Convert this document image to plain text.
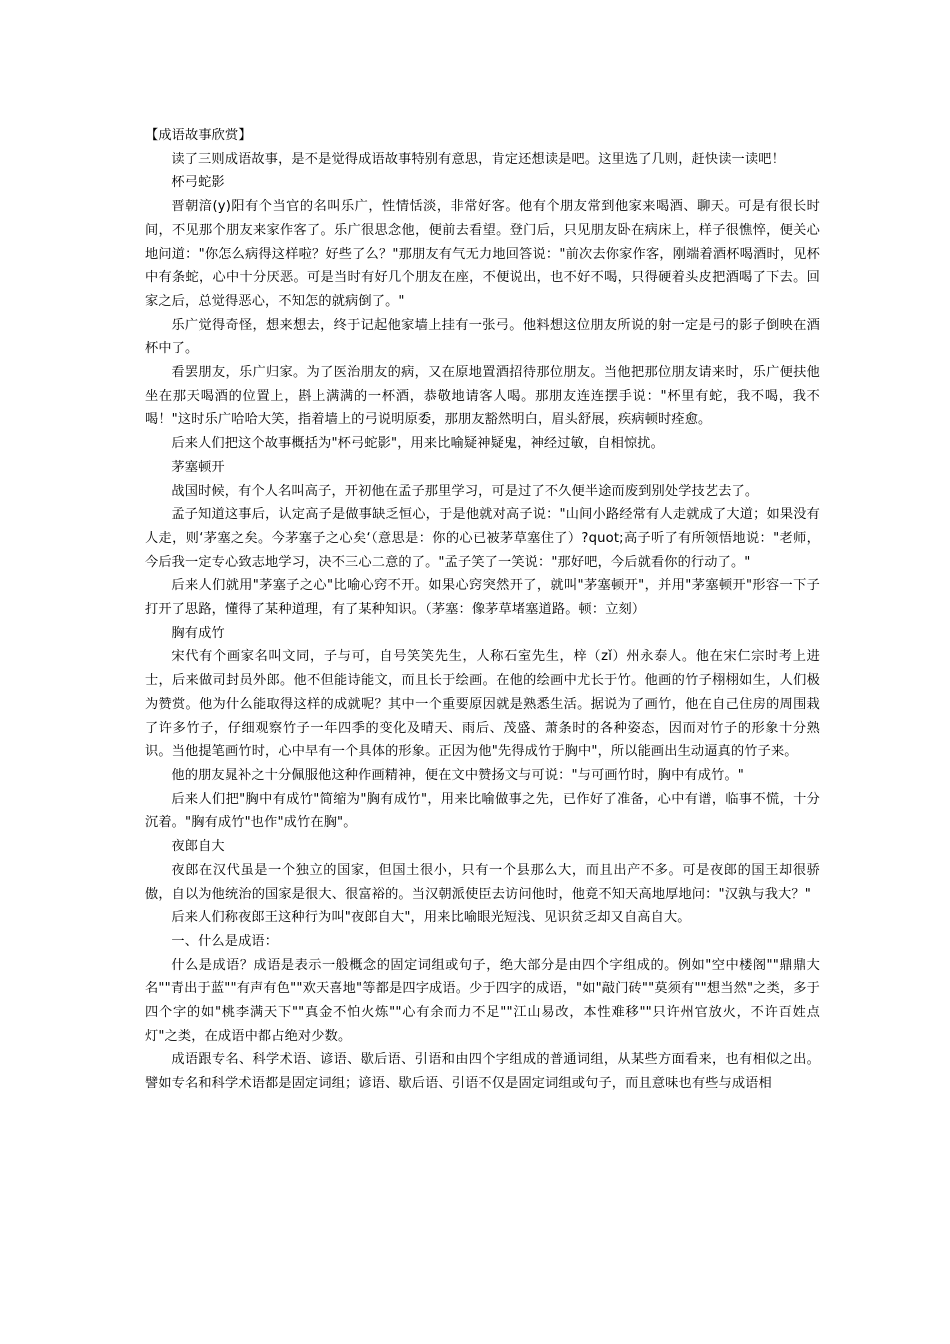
【成语故事欣赏】
读了三则成语故事，是不是觉得成语故事特别有意思，肯定还想读是吧。这里选了几则，赶快读一读吧！
杯弓蛇影
晋朝湆(y)阳有个当官的名叫乐广，性情恬淡，非常好客。他有个朋友常到他家来喝酒、聊天。可是有很长时间，不见那个朋友来家作客了。乐广很思念他，便前去看望。登门后，只见朋友卧在病床上，样子很憔悴，便关心地问道："你怎么病得这样啦？好些了么？"那朋友有气无力地回答说："前次去你家作客，刚端着酒杯喝酒时，见杯中有条蛇，心中十分厌恶。可是当时有好几个朋友在座，不便说出，也不好不喝，只得硬着头皮把酒喝了下去。回家之后，总觉得恶心，不知怎的就病倒了。"
乐广觉得奇怪，想来想去，终于记起他家墙上挂有一张弓。他料想这位朋友所说的射一定是弓的影子倒映在酒杯中了。
看罢朋友，乐广归家。为了医治朋友的病，又在原地置酒招待那位朋友。当他把那位朋友请来时，乐广便扶他坐在那天喝酒的位置上，斟上满满的一杯酒，恭敬地请客人喝。那朋友连连摆手说："杯里有蛇，我不喝，我不喝！"这时乐广哈哈大笑，指着墙上的弓说明原委，那朋友豁然明白，眉头舒展，疾病顿时痊愈。
后来人们把这个故事概括为"杯弓蛇影"，用来比喻疑神疑鬼，神经过敏，自相惊扰。
茅塞顿开
战国时候，有个人名叫高子，开初他在孟子那里学习，可是过了不久便半途而废到别处学技艺去了。
孟子知道这事后，认定高子是做事缺乏恒心，于是他就对高子说："山间小路经常有人走就成了大道；如果没有人走，则‘茅塞之矣。今茅塞子之心矣‘（意思是：你的心已被茅草塞住了）?quot;高子听了有所领悟地说："老师，今后我一定专心致志地学习，决不三心二意的了。"孟子笑了一笑说："那好吧，今后就看你的行动了。"
后来人们就用"茅塞子之心"比喻心窍不开。如果心窍突然开了，就叫"茅塞顿开"，并用"茅塞顿开"形容一下子打开了思路，懂得了某种道理，有了某种知识。（茅塞：像茅草堵塞道路。顿：立刻）
胸有成竹
宋代有个画家名叫文同，子与可，自号笑笑先生，人称石室先生，梓（zǐ）州永泰人。他在宋仁宗时考上进士，后来做司封员外郎。他不但能诗能文，而且长于绘画。在他的绘画中尤长于竹。他画的竹子栩栩如生，人们极为赞赏。他为什么能取得这样的成就呢？其中一个重要原因就是熟悉生活。据说为了画竹，他在自己住房的周围栽了许多竹子，仔细观察竹子一年四季的变化及晴天、雨后、茂盛、萧条时的各种姿态，因而对竹子的形象十分熟识。当他提笔画竹时，心中早有一个具体的形象。正因为他"先得成竹于胸中"，所以能画出生动逼真的竹子来。
他的朋友晁补之十分佩服他这种作画精神，便在文中赞扬文与可说："与可画竹时，胸中有成竹。"
后来人们把"胸中有成竹"简缩为"胸有成竹"，用来比喻做事之先，已作好了准备，心中有谱，临事不慌，十分沉着。"胸有成竹"也作"成竹在胸"。
夜郎自大
夜郎在汉代虽是一个独立的国家，但国土很小，只有一个县那么大，而且出产不多。可是夜郎的国王却很骄傲，自以为他统治的国家是很大、很富裕的。当汉朝派使臣去访问他时，他竟不知天高地厚地问："汉孰与我大？"
后来人们称夜郎王这种行为叫"夜郎自大"，用来比喻眼光短浅、见识贫乏却又自高自大。
一、什么是成语：
什么是成语？成语是表示一般概念的固定词组或句子，绝大部分是由四个字组成的。例如"空中楼阁""鼎鼎大名""青出于蓝""有声有色""欢天喜地"等都是四字成语。少于四字的成语，"如"敲门砖""莫须有""想当然"之类，多于四个字的如"桃李满天下""真金不怕火炼""心有余而力不足""江山易改，本性难移""只许州官放火，不许百姓点灯"之类，在成语中都占绝对少数。
成语跟专名、科学术语、谚语、歇后语、引语和由四个字组成的普通词组，从某些方面看来，也有相似之出。譬如专名和科学术语都是固定词组；谚语、歇后语、引语不仅是固定词组或句子，而且意味也有些与成语相
